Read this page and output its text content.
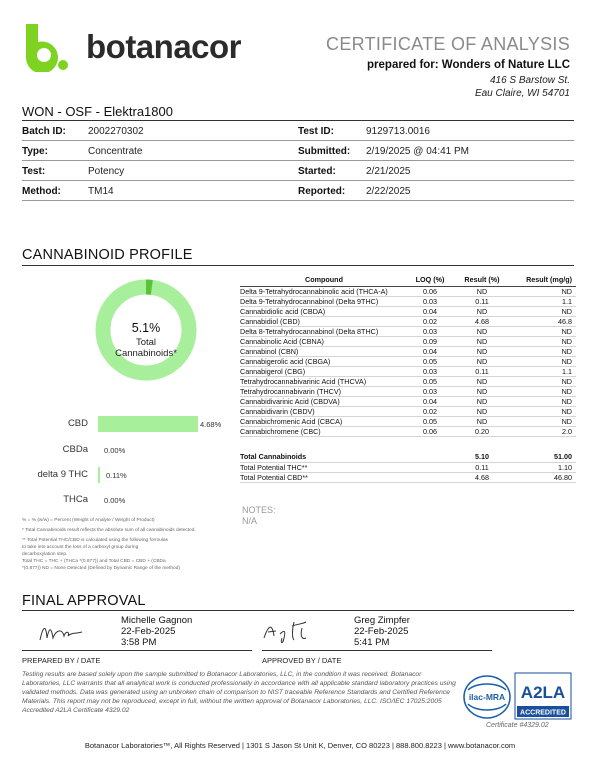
botanacor	CERTIFICATE OF ANALYSIS
prepared for: Wonders of Nature LLC
416 S Barstow St.
Eau Claire, WI 54701
WON - OSF - Elektra1800
Batch ID: 2002270302	Test ID:	9129713.0016
Type:	Concentrate	Submitted: 2/19/2025 @ 04:41 PM
Test:	Potency	Started:	2/21/2025
Method:	TM14	Reported: 2/22/2025
CANNABINOID PROFILE
5.1%
Total
Cannabinoids*
CBD	4.68%
CBDa 0.00%
delta 9 THC 0.11%
THCa 0.00%
% = % (w/w) = Percent (Weight of Analyte / Weight of Product)
* Total Cannabinoids result reflects the absolute sum of all cannabinoids detected.
** Total Potential THC/CBD is calculated using the following formulas
to take into account the loss of a carboxyl group during
decarboxylation step.
Total THC = THC + (THCa *(0.877)) and Total CBD = CBD + (CBDa
*(0.877)) ND = None Detected (Defined by Dynamic Range of the method)
Compound	LOQ (%)	Result (%)	Result (mg/g)
Delta 9-Tetrahydrocannabinolic acid (THCA-A)	0.06	ND	ND
Delta 9-Tetrahydrocannabinol (Delta 9THC)	0.03	0.11	1.1
Cannabidiolic acid (CBDA)	0.04	ND	ND
Cannabidiol (CBD)	0.02	4.68	46.8
Delta 8-Tetrahydrocannabinol (Delta 8THC)	0.03	ND	ND
Cannabinolic Acid (CBNA)	0.09	ND	ND
Cannabinol (CBN)	0.04	ND	ND
Cannabigerolic acid (CBGA)	0.05	ND	ND
Cannabigerol (CBG)	0.03	0.11	1.1
Tetrahydrocannabivarinic Acid (THCVA)	0.05	ND	ND
Tetrahydrocannabivarin (THCV)	0.03	ND	ND
Cannabidivarinic Acid (CBDVA)	0.04	ND	ND
Cannabidivarin (CBDV)	0.02	ND	ND
Cannabichromenic Acid (CBCA)	0.05	ND	ND
Cannabichromene (CBC)	0.06	0.20	2.0
Total Cannabinoids		5.10	51.00
Total Potential THC**		0.11	1.10
Total Potential CBD**		4.68	46.80
NOTES:
N/A
FINAL APPROVAL
Michelle Gagnon
22-Feb-2025
3:58 PM
PREPARED BY / DATE
Greg Zimpfer
22-Feb-2025
5:41 PM
APPROVED BY / DATE
Testing results are based solely upon the sample submitted to Botanacor Laboratories, LLC, in the condition it was received. Botanacor Laboratories, LLC warrants that all analytical work is conducted professionally in accordance with all applicable standard laboratory practices using validated methods. Data was generated using an unbroken chain of comparison to NIST traceable Reference Standards and Certified Reference Materials. This report may not be reproduced, except in full, without the written approval of Botanacor Laboratories, LLC. ISO/IEC 17025:2005 Accredited A2LA Certificate 4329.02
ilac-MRA A2LA
ACCREDITED
Certificate #4329.02
Botanacor Laboratories™, All Rights Reserved | 1301 S Jason St Unit K, Denver, CO 80223 | 888.800.8223 | www.botanacor.com
